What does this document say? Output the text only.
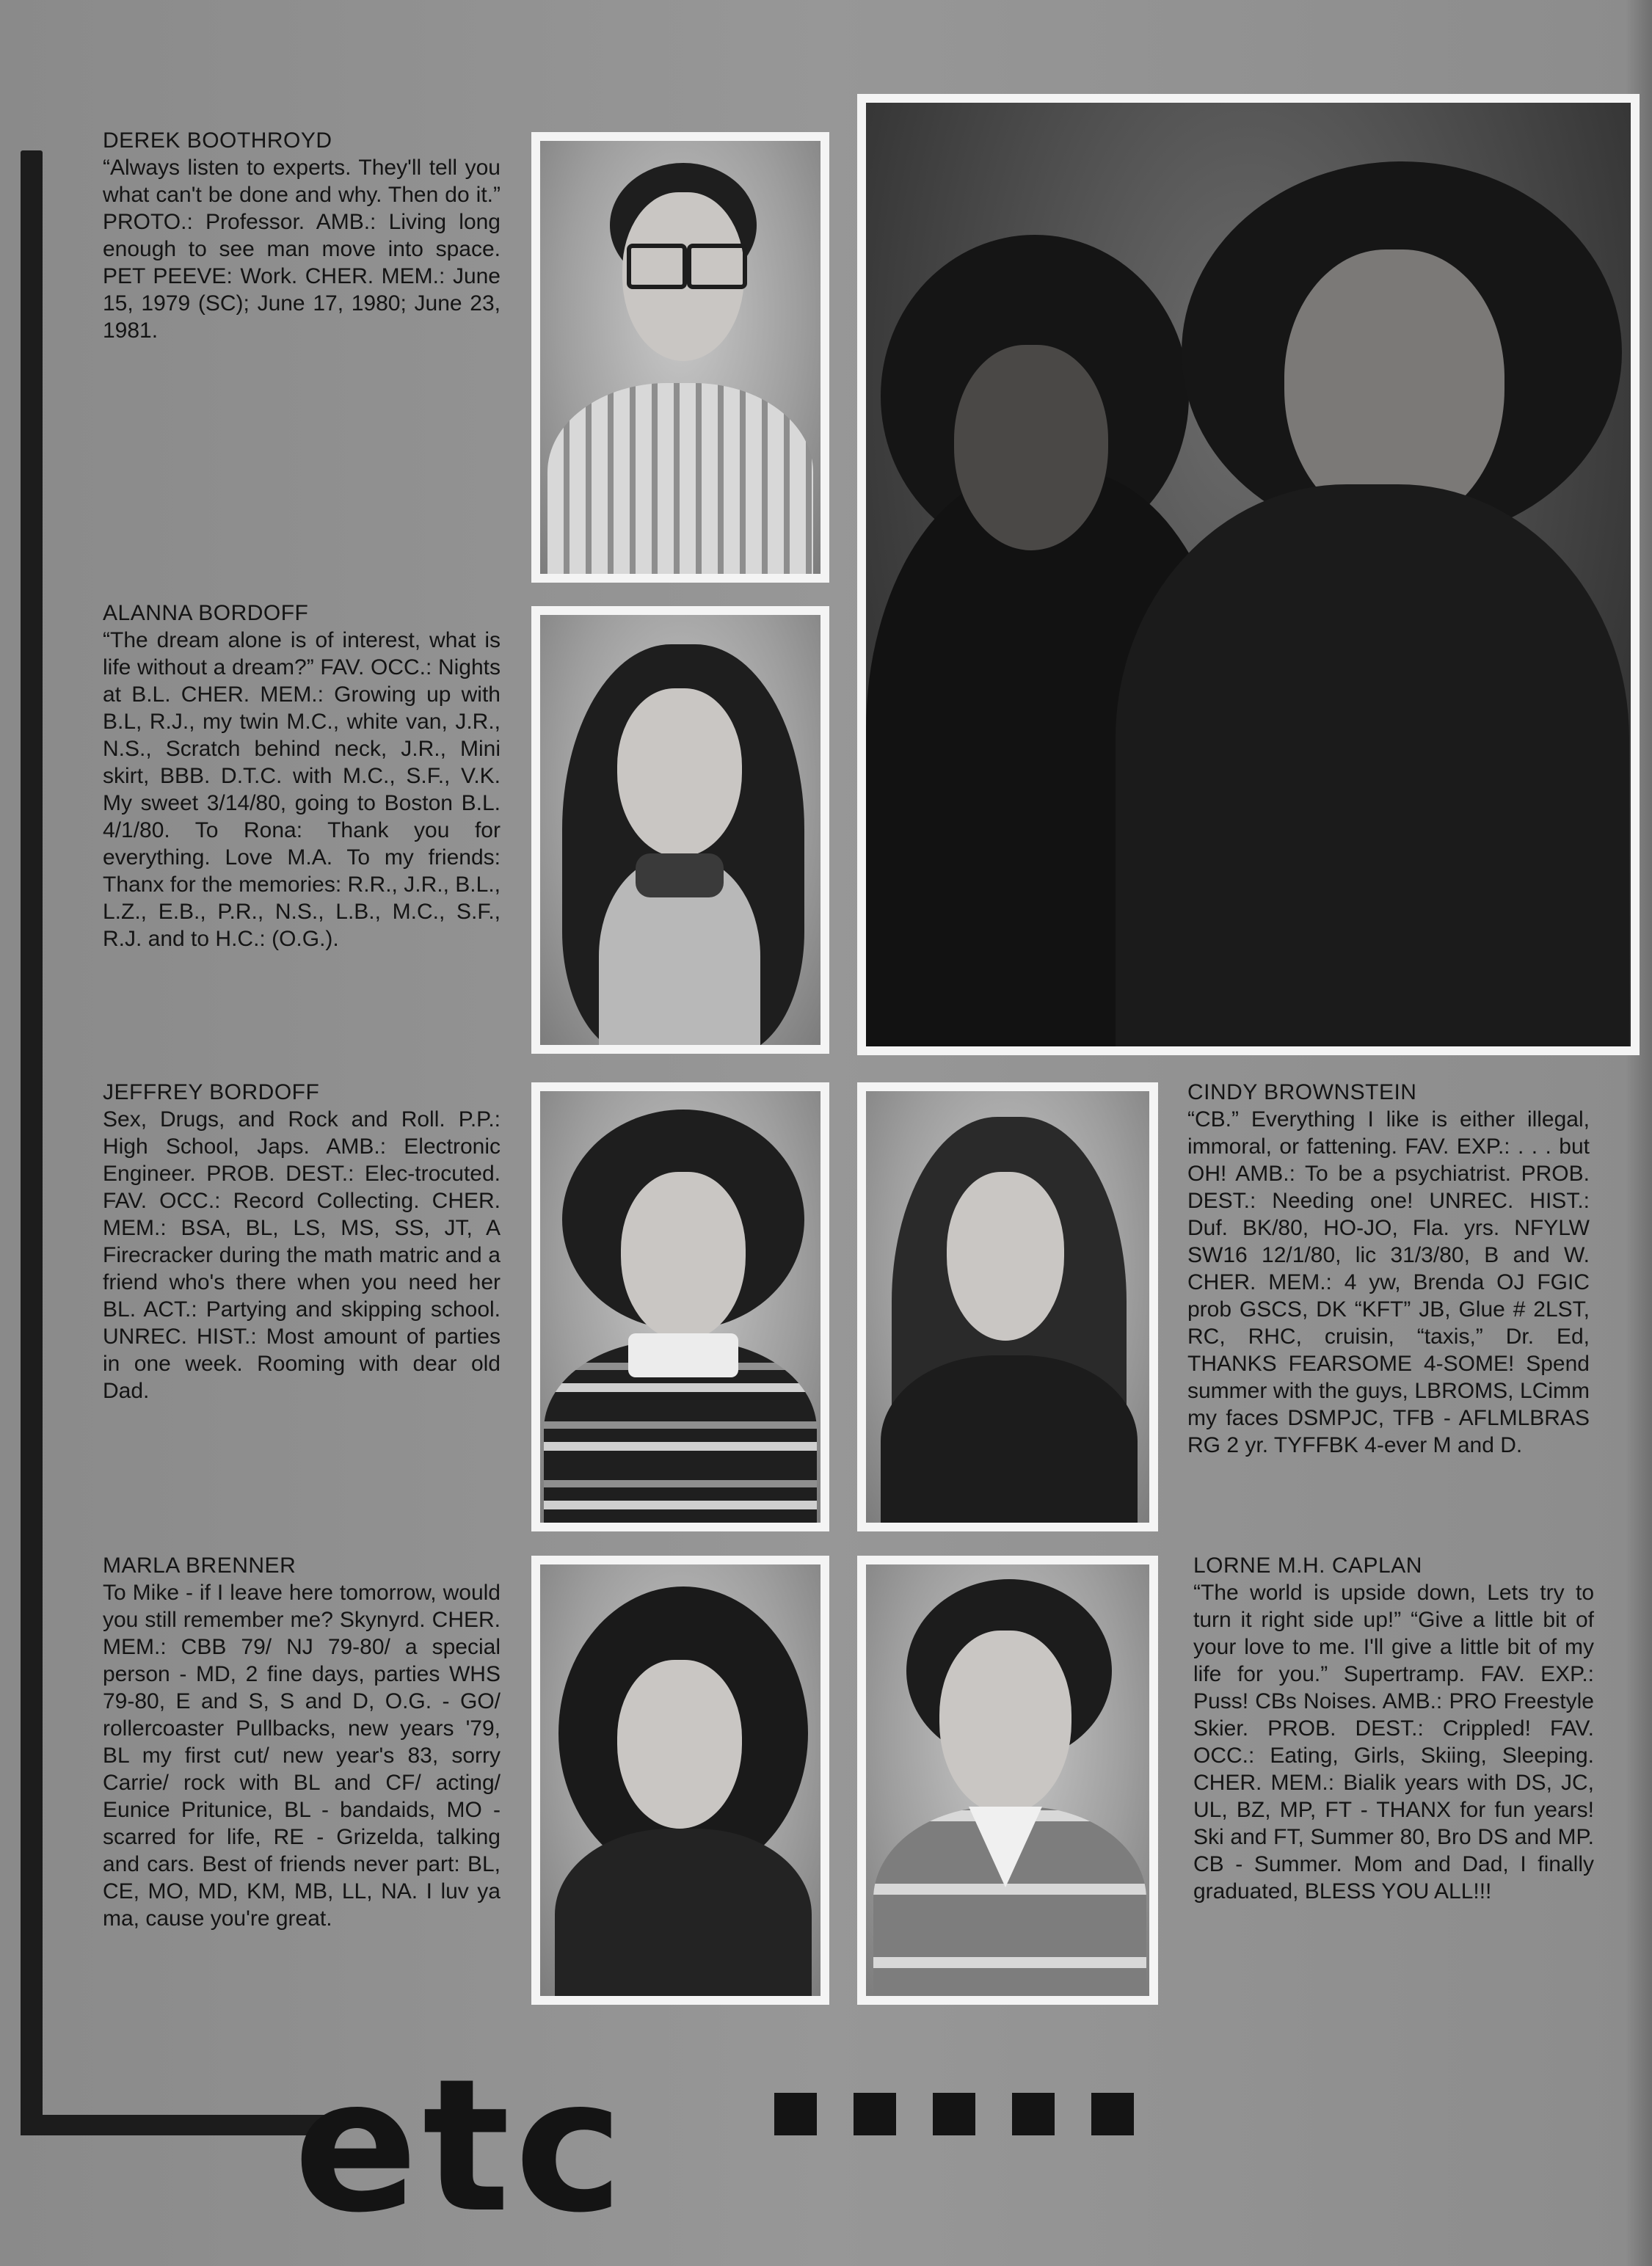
DEREK BOOTHROYD
“Always listen to experts. They'll tell you what can't be done and why. Then do it.” PROTO.: Professor. AMB.: Living long enough to see man move into space. PET PEEVE: Work. CHER. MEM.: June 15, 1979 (SC); June 17, 1980; June 23, 1981.
ALANNA BORDOFF
“The dream alone is of interest, what is life without a dream?” FAV. OCC.: Nights at B.L. CHER. MEM.: Growing up with B.L, R.J., my twin M.C., white van, J.R., N.S., Scratch behind neck, J.R., Mini skirt, BBB. D.T.C. with M.C., S.F., V.K. My sweet 3/14/80, going to Boston B.L. 4/1/80. To Rona: Thank you for everything. Love M.A. To my friends: Thanx for the memories: R.R., J.R., B.L., L.Z., E.B., P.R., N.S., L.B., M.C., S.F., R.J. and to H.C.: (O.G.).
JEFFREY BORDOFF
Sex, Drugs, and Rock and Roll. P.P.: High School, Japs. AMB.: Electronic Engineer. PROB. DEST.: Elec-trocuted. FAV. OCC.: Record Collecting. CHER. MEM.: BSA, BL, LS, MS, SS, JT, A Firecracker during the math matric and a friend who's there when you need her BL. ACT.: Partying and skipping school. UNREC. HIST.: Most amount of parties in one week. Rooming with dear old Dad.
CINDY BROWNSTEIN
“CB.” Everything I like is either illegal, immoral, or fattening. FAV. EXP.: . . . but OH! AMB.: To be a psychiatrist. PROB. DEST.: Needing one! UNREC. HIST.: Duf. BK/80, HO-JO, Fla. yrs. NFYLW SW16 12/1/80, lic 31/3/80, B and W. CHER. MEM.: 4 yw, Brenda OJ FGIC prob GSCS, DK “KFT” JB, Glue # 2LST, RC, RHC, cruisin, “taxis,” Dr. Ed, THANKS FEARSOME 4-SOME! Spend summer with the guys, LBROMS, LCimm my faces DSMPJC, TFB - AFLMLBRAS RG 2 yr. TYFFBK 4-ever M and D.
MARLA BRENNER
To Mike - if I leave here tomorrow, would you still remember me? Skynyrd. CHER. MEM.: CBB 79/ NJ 79-80/ a special person - MD, 2 fine days, parties WHS 79-80, E and S, S and D, O.G. - GO/ rollercoaster Pullbacks, new years '79, BL my first cut/ new year's 83, sorry Carrie/ rock with BL and CF/ acting/ Eunice Pritunice, BL - bandaids, MO - scarred for life, RE - Grizelda, talking and cars. Best of friends never part: BL, CE, MO, MD, KM, MB, LL, NA. I luv ya ma, cause you're great.
LORNE M.H. CAPLAN
“The world is upside down, Lets try to turn it right side up!” “Give a little bit of your love to me. I'll give a little bit of my life for you.” Supertramp. FAV. EXP.: Puss! CBs Noises. AMB.: PRO Freestyle Skier. PROB. DEST.: Crippled! FAV. OCC.: Eating, Girls, Skiing, Sleeping. CHER. MEM.: Bialik years with DS, JC, UL, BZ, MP, FT - THANX for fun years! Ski and FT, Summer 80, Bro DS and MP. CB - Summer. Mom and Dad, I finally graduated, BLESS YOU ALL!!!
etc
